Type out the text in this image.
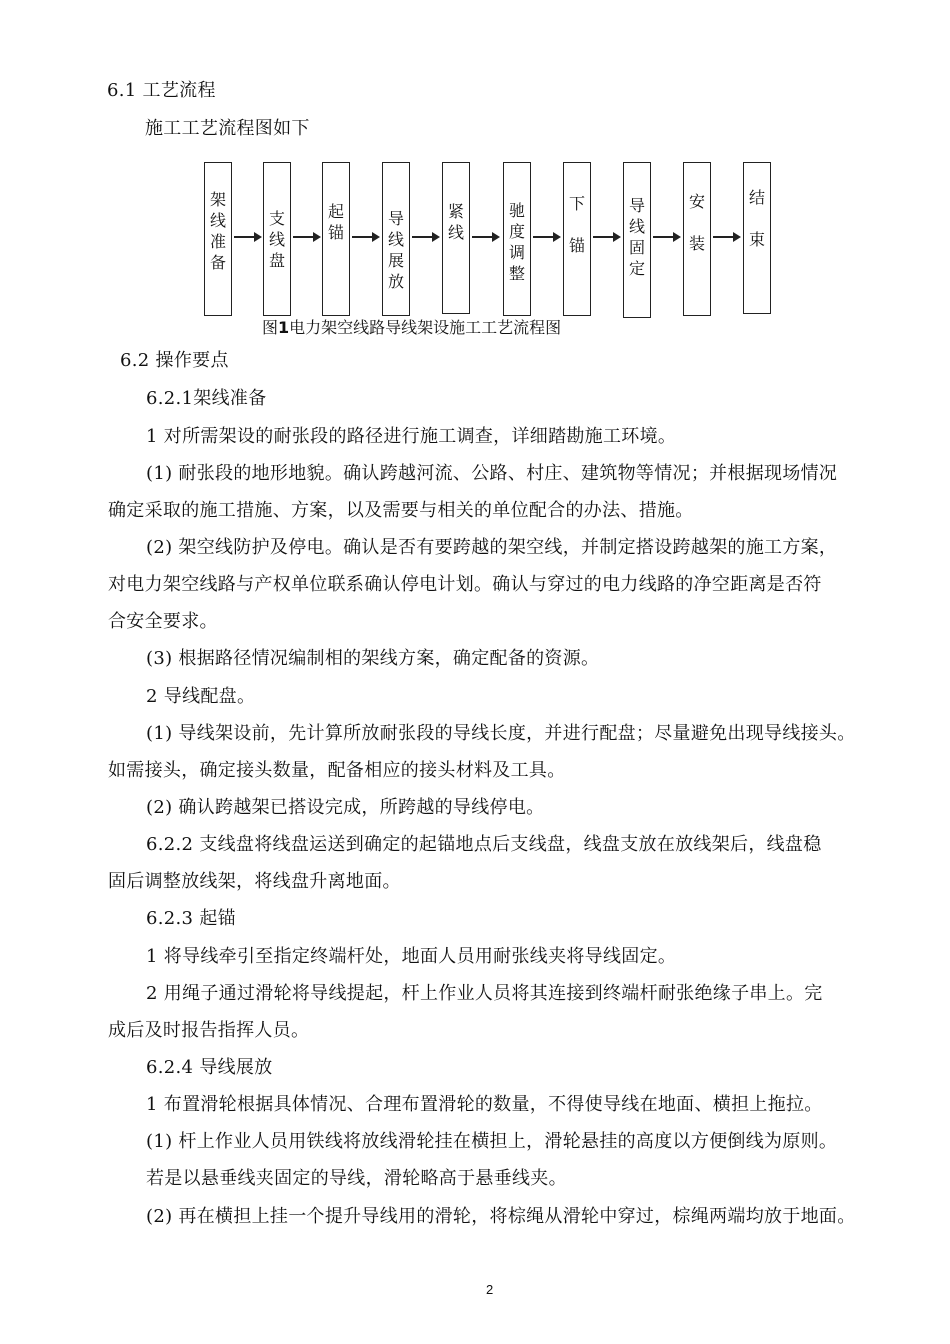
6.1 工艺流程
施工工艺流程图如下
架
线
准
备
支
线
盘
起
锚
导
线
展
放
紧
线
驰
度
调
整
下

锚
导
线
固
定
安

装
结

束
图1电力架空线路导线架设施工工艺流程图
6.2 操作要点
6.2.1架线准备
1 对所需架设的耐张段的路径进行施工调查，详细踏勘施工环境。
(1) 耐张段的地形地貌。确认跨越河流、公路、村庄、建筑物等情况；并根据现场情况
确定采取的施工措施、方案，以及需要与相关的单位配合的办法、措施。
(2) 架空线防护及停电。确认是否有要跨越的架空线，并制定搭设跨越架的施工方案，
对电力架空线路与产权单位联系确认停电计划。确认与穿过的电力线路的净空距离是否符
合安全要求。
(3) 根据路径情况编制相的架线方案，确定配备的资源。
2 导线配盘。
(1) 导线架设前，先计算所放耐张段的导线长度，并进行配盘；尽量避免出现导线接头。
如需接头，确定接头数量，配备相应的接头材料及工具。
(2) 确认跨越架已搭设完成，所跨越的导线停电。
6.2.2 支线盘将线盘运送到确定的起锚地点后支线盘，线盘支放在放线架后，线盘稳
固后调整放线架，将线盘升离地面。
6.2.3 起锚
1 将导线牵引至指定终端杆处，地面人员用耐张线夹将导线固定。
2 用绳子通过滑轮将导线提起，杆上作业人员将其连接到终端杆耐张绝缘子串上。完
成后及时报告指挥人员。
6.2.4 导线展放
1 布置滑轮根据具体情况、合理布置滑轮的数量，不得使导线在地面、横担上拖拉。
(1) 杆上作业人员用铁线将放线滑轮挂在横担上，滑轮悬挂的高度以方便倒线为原则。
若是以悬垂线夹固定的导线，滑轮略高于悬垂线夹。
(2) 再在横担上挂一个提升导线用的滑轮，将棕绳从滑轮中穿过，棕绳两端均放于地面。
2
